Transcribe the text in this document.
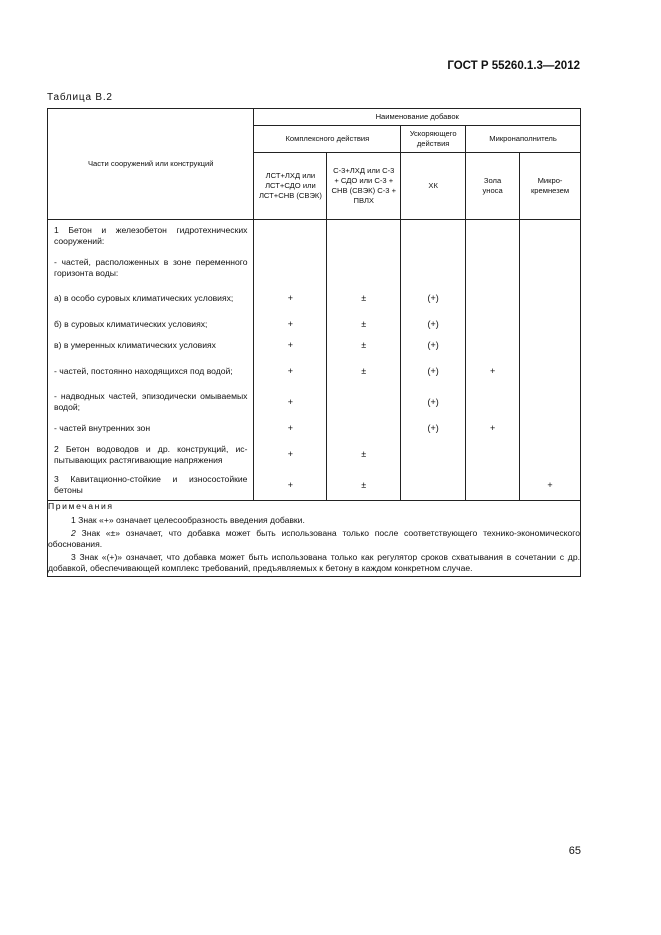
ГОСТ Р 55260.1.3—2012
Таблица В.2
Части сооружений или конструкций	Наименование добавок				
	Комплексного действия		Ускоряющего действия	Микронаполнитель	
	ЛСТ+ЛХД или ЛСТ+СДО или ЛСТ+СНВ (СВЭК)	С-3+ЛХД или С-3 + СДО или С-3 + СНВ (СВЭК) С-3 + ПВЛХ	ХК	Зола уноса	Микро-кремнезем
1 Бетон и железобетон гидротехнических сооружений:					
- частей, расположенных в зоне переменного горизонта воды:					
а) в особо суровых климатических условиях;	+	±	(+)		
б) в суровых климатических условиях;	+	±	(+)		
в) в умеренных климатических условиях	+	±	(+)		
- частей, постоянно находящихся под водой;	+	±	(+)	+	
- надводных частей, эпизодически омываемых водой;	+		(+)		
- частей внутренних зон	+		(+)	+	
2 Бетон водоводов и др. конструкций, испытывающих растягивающие напряжения	+	±			
3 Кавитационно-стойкие и износостойкие бетоны	+	±			+

Примечания
1 Знак «+» означает целесообразность введения добавки.
2 Знак «±» означает, что добавка может быть использована только после соответствующего технико-экономического обоснования.
3 Знак «(+)» означает, что добавка может быть использована только как регулятор сроков схватывания в сочетании с др. добавкой, обеспечивающей комплекс требований, предъявляемых к бетону в каждом конкретном случае.					
65
